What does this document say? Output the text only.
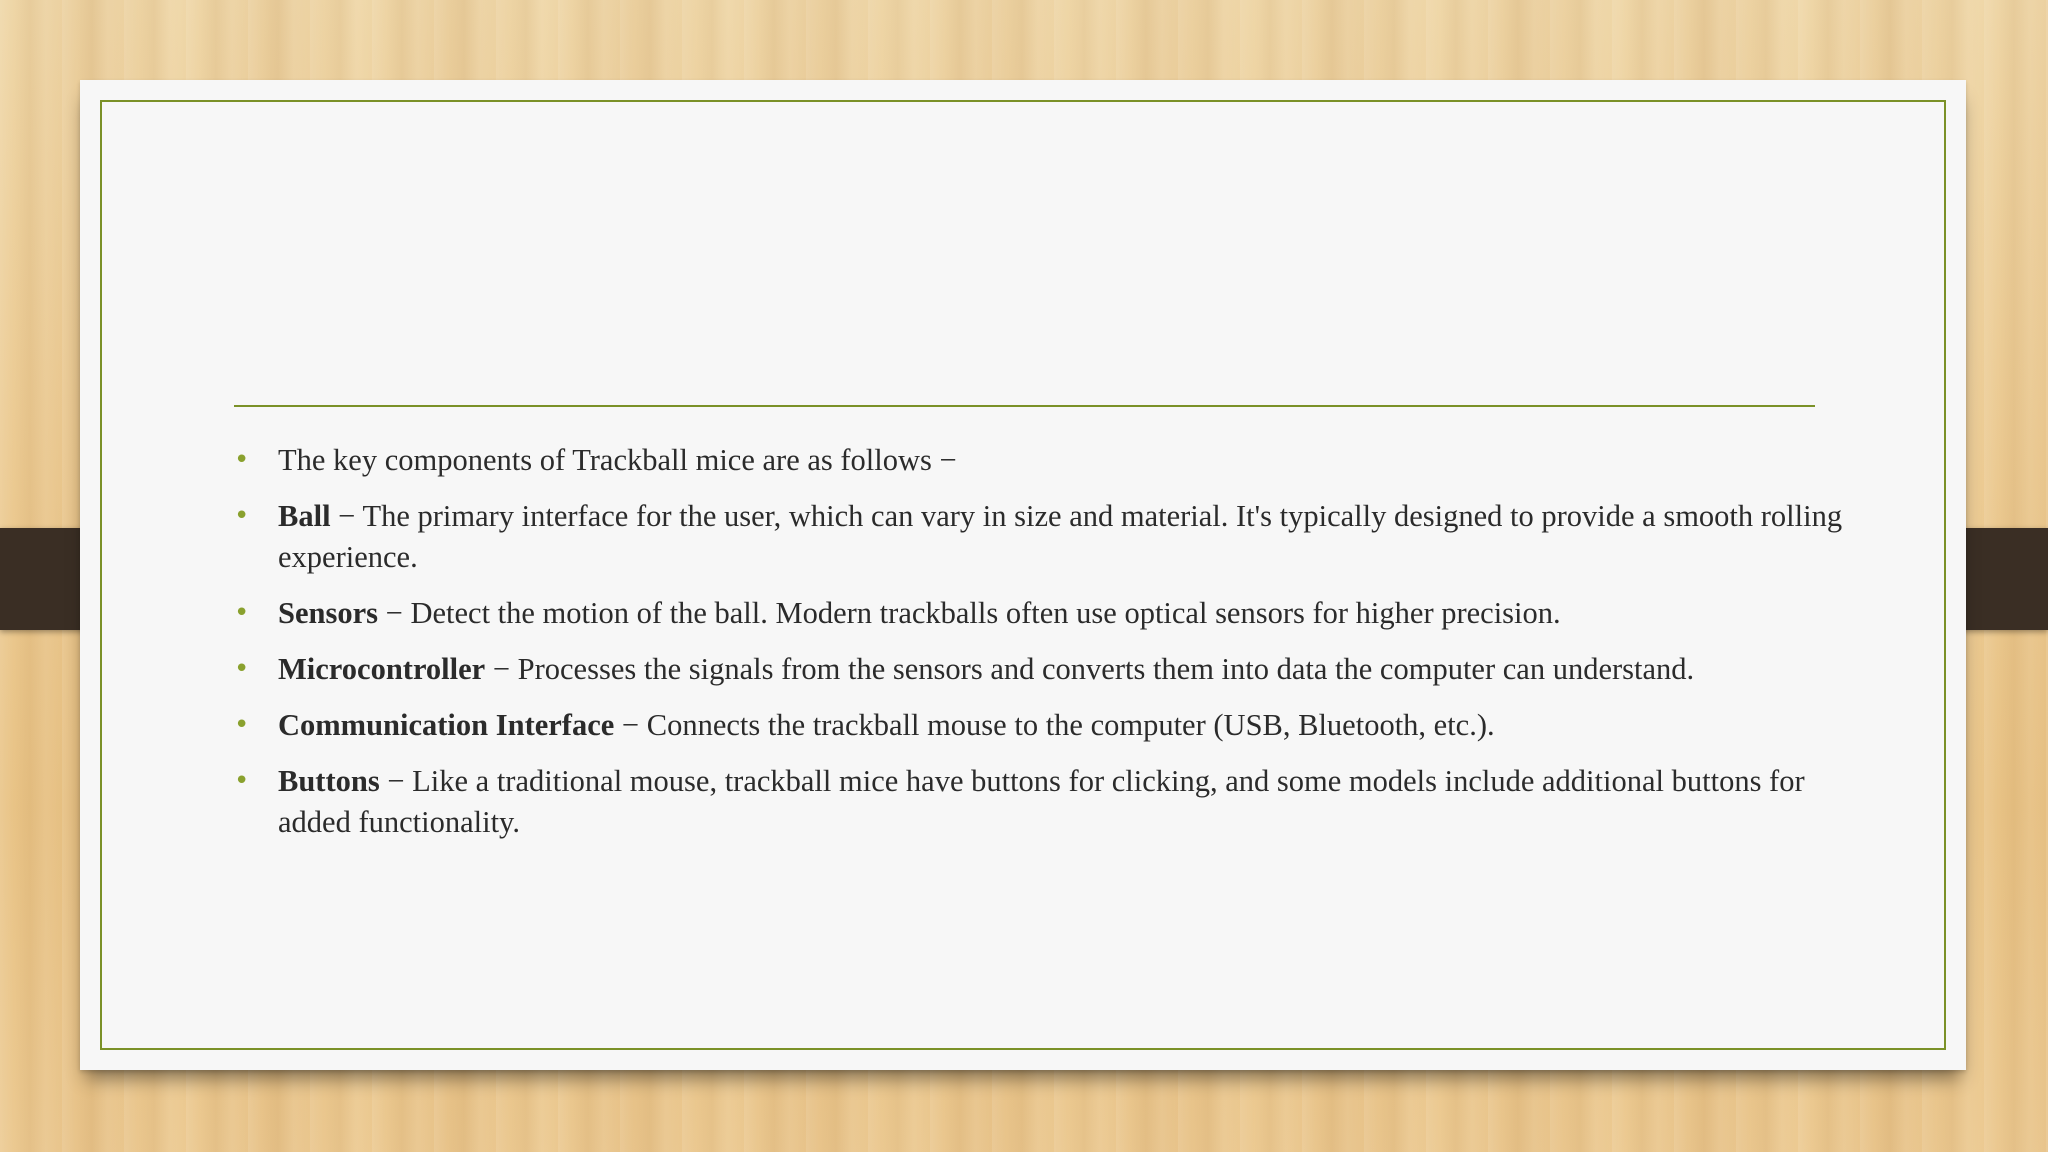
• The key components of Trackball mice are as follows −
• Ball − The primary interface for the user, which can vary in size and material. It's typically designed to provide a smooth rolling experience.
• Sensors − Detect the motion of the ball. Modern trackballs often use optical sensors for higher precision.
• Microcontroller − Processes the signals from the sensors and converts them into data the computer can understand.
• Communication Interface − Connects the trackball mouse to the computer (USB, Bluetooth, etc.).
• Buttons − Like a traditional mouse, trackball mice have buttons for clicking, and some models include additional buttons for added functionality.
